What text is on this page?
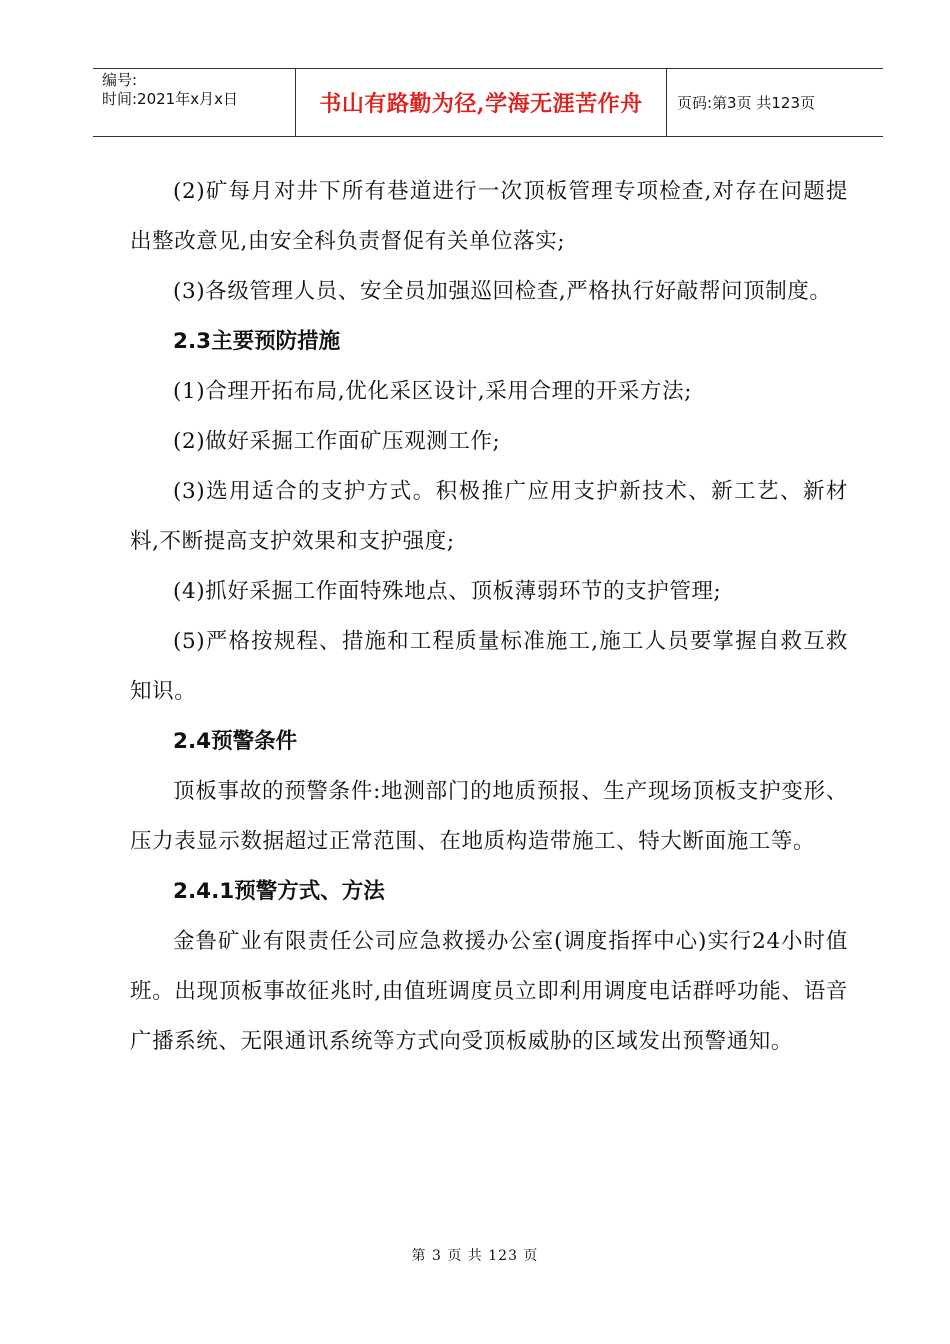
编号:
时间:2021年x月x日	书山有路勤为径,学海无涯苦作舟	页码:第3页 共123页

(2)矿每月对井下所有巷道进行一次顶板管理专项检查,对存在问题提出整改意见,由安全科负责督促有关单位落实;

(3)各级管理人员、安全员加强巡回检查,严格执行好敲帮问顶制度。

2.3主要预防措施

(1)合理开拓布局,优化采区设计,采用合理的开采方法;

(2)做好采掘工作面矿压观测工作;

(3)选用适合的支护方式。积极推广应用支护新技术、新工艺、新材料,不断提高支护效果和支护强度;

(4)抓好采掘工作面特殊地点、顶板薄弱环节的支护管理;

(5)严格按规程、措施和工程质量标准施工,施工人员要掌握自救互救知识。

2.4预警条件

顶板事故的预警条件:地测部门的地质预报、生产现场顶板支护变形、压力表显示数据超过正常范围、在地质构造带施工、特大断面施工等。

2.4.1预警方式、方法

金鲁矿业有限责任公司应急救援办公室(调度指挥中心)实行24小时值班。出现顶板事故征兆时,由值班调度员立即利用调度电话群呼功能、语音广播系统、无限通讯系统等方式向受顶板威胁的区域发出预警通知。

第 3 页 共 123 页
